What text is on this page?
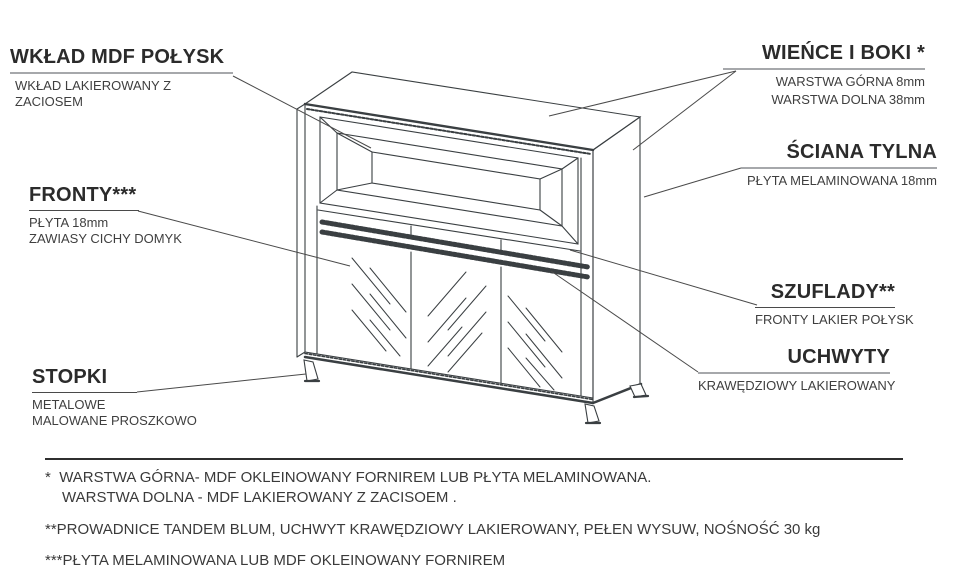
WKŁAD MDF POŁYSK
WKŁAD LAKIEROWANY Z ZACIOSEM
WIEŃCE I BOKI *
WARSTWA GÓRNA 8mm
WARSTWA DOLNA 38mm
ŚCIANA TYLNA
PŁYTA MELAMINOWANA 18mm
FRONTY***
PŁYTA 18mm
ZAWIASY CICHY DOMYK
SZUFLADY**
FRONTY LAKIER POŁYSK
UCHWYTY
KRAWĘDZIOWY LAKIEROWANY
STOPKI
METALOWE
MALOWANE PROSZKOWO

* WARSTWA GÓRNA- MDF OKLEINOWANY FORNIREM LUB PŁYTA MELAMINOWANA.

WARSTWA DOLNA - MDF LAKIEROWANY Z ZACISOEM .

**PROWADNICE TANDEM BLUM, UCHWYT KRAWĘDZIOWY LAKIEROWANY, PEŁEN WYSUW, NOŚNOŚĆ 30 kg

***PŁYTA MELAMINOWANA LUB MDF OKLEINOWANY FORNIREM
